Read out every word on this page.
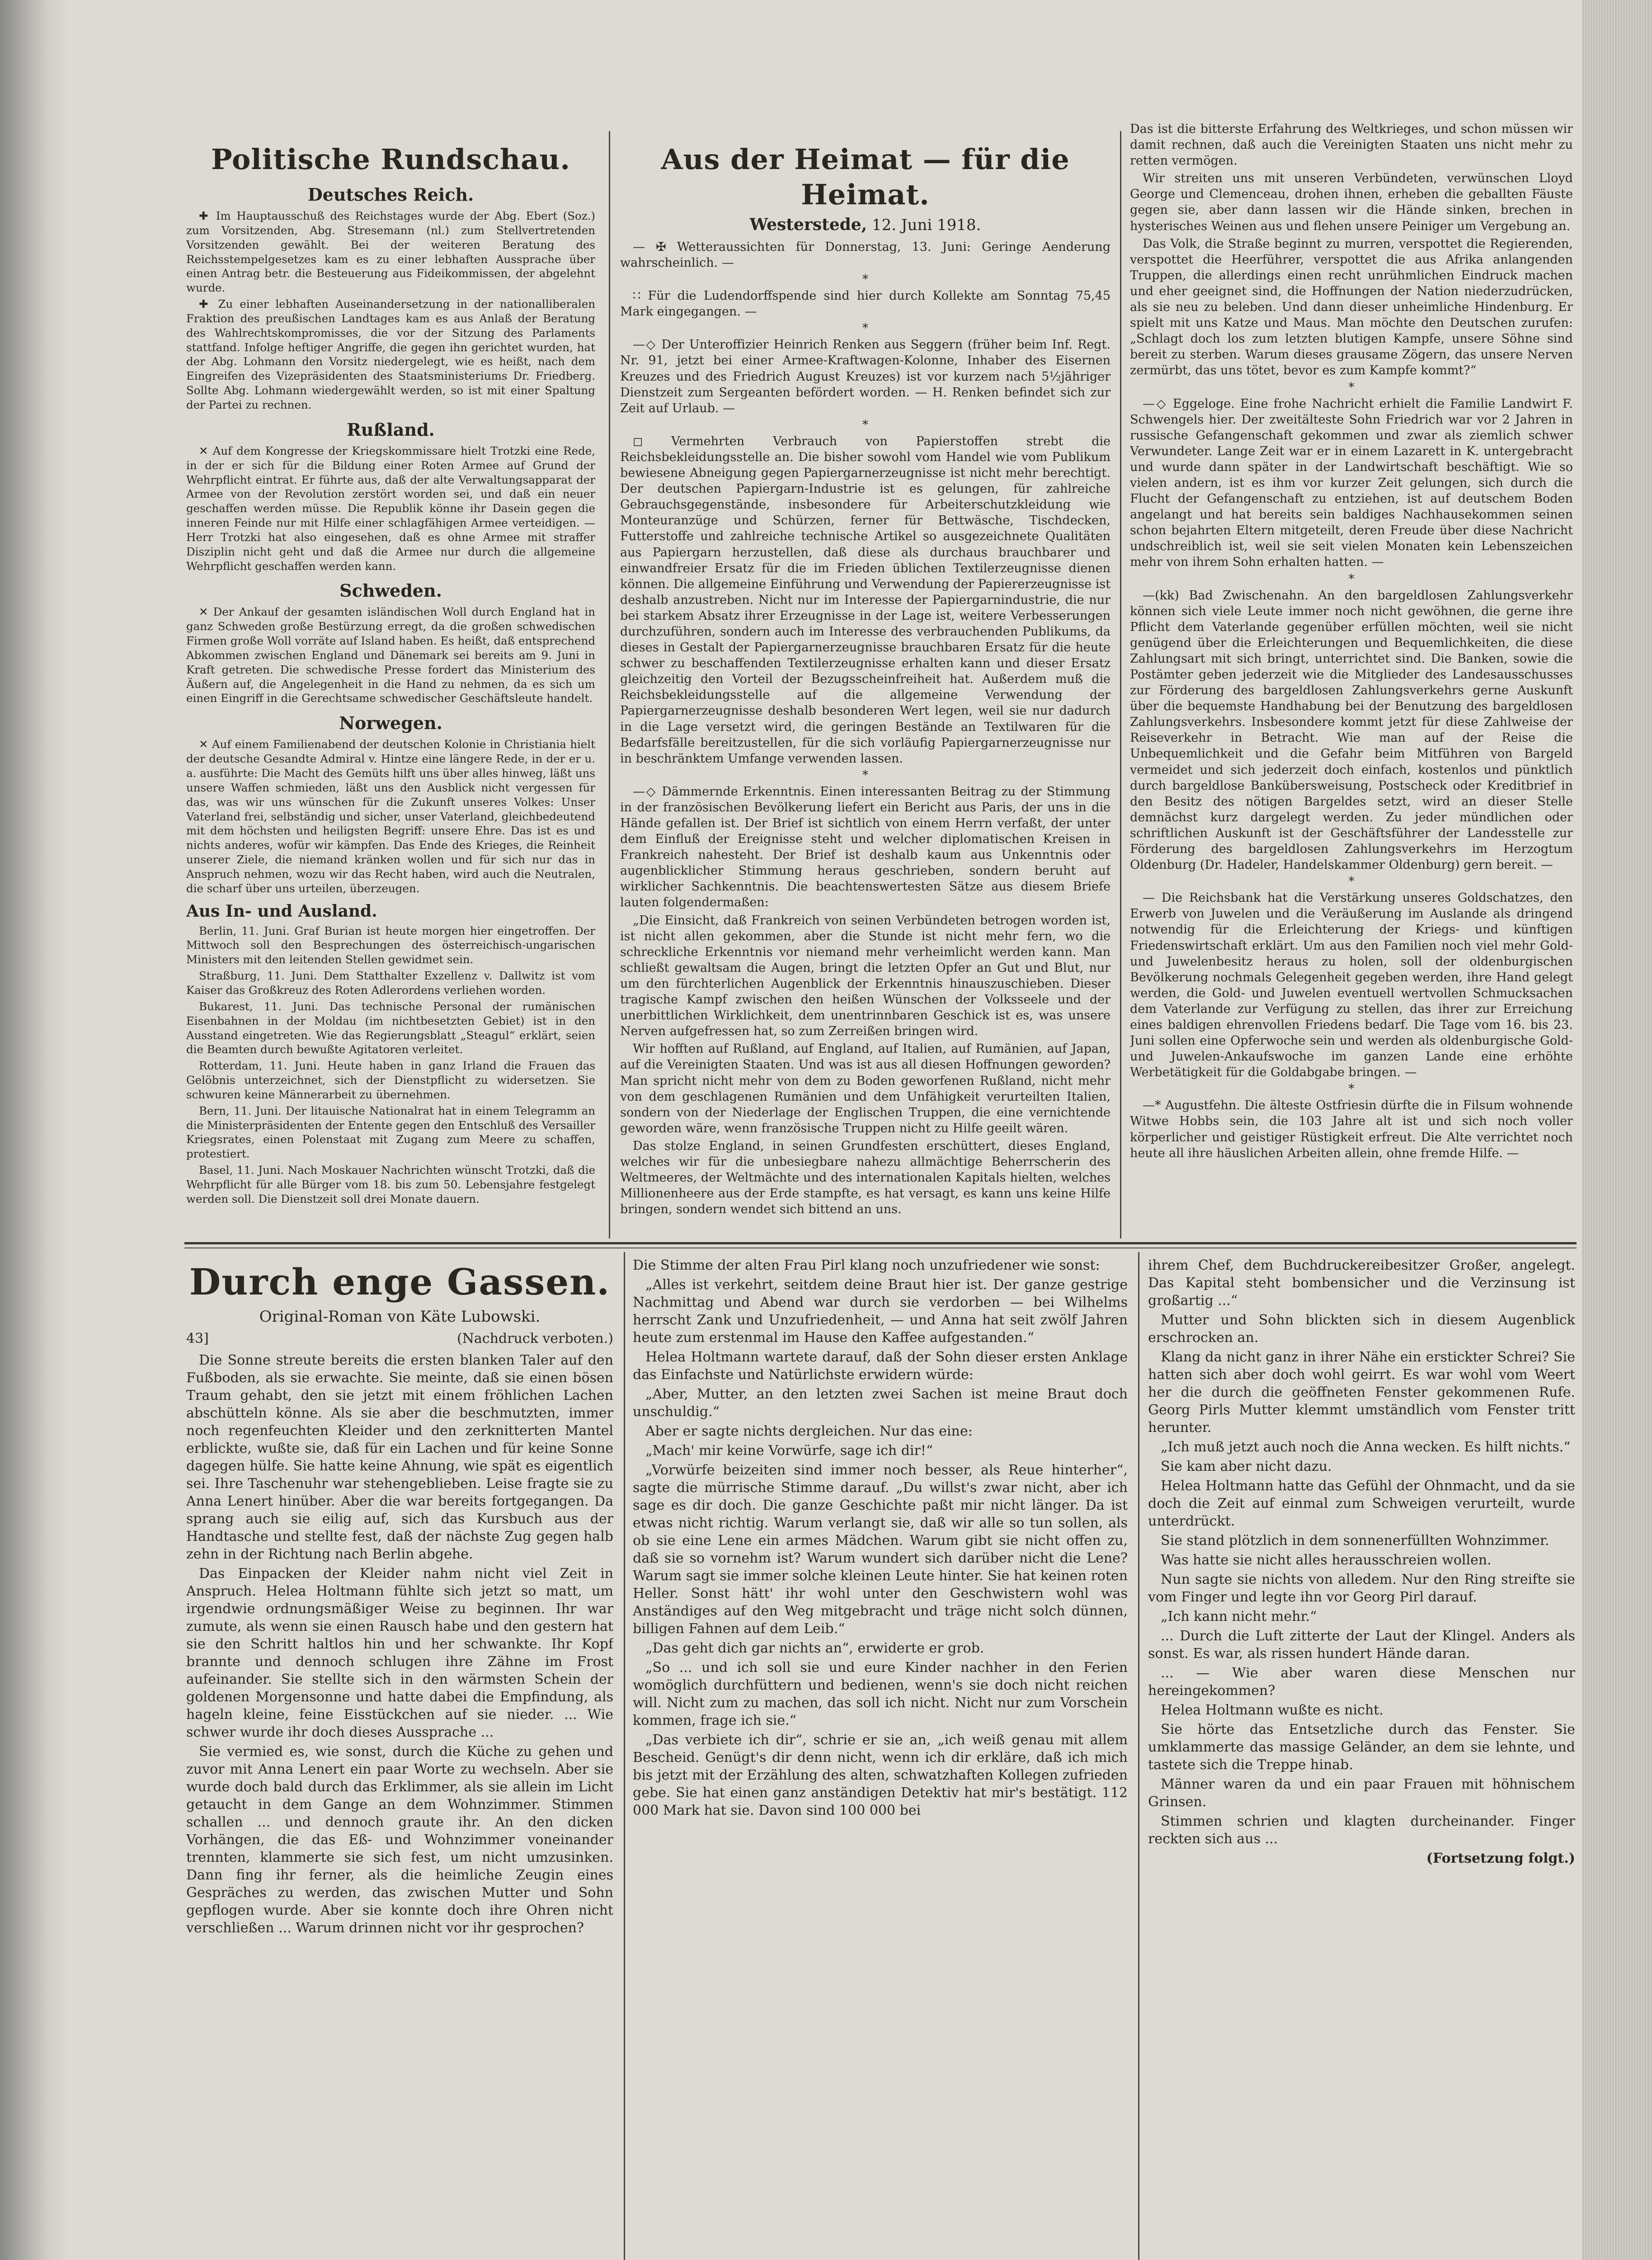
Politische Rundschau.
Deutsches Reich.

✚ Im Hauptausschuß des Reichstages wurde der Abg. Ebert (Soz.) zum Vorsitzenden, Abg. Stresemann (nl.) zum Stellvertretenden Vorsitzenden gewählt. Bei der weiteren Beratung des Reichsstempelgesetzes kam es zu einer lebhaften Aussprache über einen Antrag betr. die Besteuerung aus Fideikommissen, der abgelehnt wurde.

✚ Zu einer lebhaften Auseinandersetzung in der nationalliberalen Fraktion des preußischen Landtages kam es aus Anlaß der Beratung des Wahlrechtskompromisses, die vor der Sitzung des Parlaments stattfand. Infolge heftiger Angriffe, die gegen ihn gerichtet wurden, hat der Abg. Lohmann den Vorsitz niedergelegt, wie es heißt, nach dem Eingreifen des Vizepräsidenten des Staatsministeriums Dr. Friedberg. Sollte Abg. Lohmann wiedergewählt werden, so ist mit einer Spaltung der Partei zu rechnen.

Rußland.

✕ Auf dem Kongresse der Kriegskommissare hielt Trotzki eine Rede, in der er sich für die Bildung einer Roten Armee auf Grund der Wehrpflicht eintrat. Er führte aus, daß der alte Verwaltungsapparat der Armee von der Revolution zerstört worden sei, und daß ein neuer geschaffen werden müsse. Die Republik könne ihr Dasein gegen die inneren Feinde nur mit Hilfe einer schlagfähigen Armee verteidigen. — Herr Trotzki hat also eingesehen, daß es ohne Armee mit straffer Disziplin nicht geht und daß die Armee nur durch die allgemeine Wehrpflicht geschaffen werden kann.

Schweden.

✕ Der Ankauf der gesamten isländischen Woll durch England hat in ganz Schweden große Bestürzung erregt, da die großen schwedischen Firmen große Woll vorräte auf Island haben. Es heißt, daß entsprechend Abkommen zwischen England und Dänemark sei bereits am 9. Juni in Kraft getreten. Die schwedische Presse fordert das Ministerium des Äußern auf, die Angelegenheit in die Hand zu nehmen, da es sich um einen Eingriff in die Gerechtsame schwedischer Geschäftsleute handelt.

Norwegen.

✕ Auf einem Familienabend der deutschen Kolonie in Christiania hielt der deutsche Gesandte Admiral v. Hintze eine längere Rede, in der er u. a. ausführte: Die Macht des Gemüts hilft uns über alles hinweg, läßt uns unsere Waffen schmieden, läßt uns den Ausblick nicht vergessen für das, was wir uns wünschen für die Zukunft unseres Volkes: Unser Vaterland frei, selbständig und sicher, unser Vaterland, gleichbedeutend mit dem höchsten und heiligsten Begriff: unsere Ehre. Das ist es und nichts anderes, wofür wir kämpfen. Das Ende des Krieges, die Reinheit unserer Ziele, die niemand kränken wollen und für sich nur das in Anspruch nehmen, wozu wir das Recht haben, wird auch die Neutralen, die scharf über uns urteilen, überzeugen.

Aus In- und Ausland.

Berlin, 11. Juni. Graf Burian ist heute morgen hier eingetroffen. Der Mittwoch soll den Besprechungen des österreichisch-ungarischen Ministers mit den leitenden Stellen gewidmet sein.

Straßburg, 11. Juni. Dem Statthalter Exzellenz v. Dallwitz ist vom Kaiser das Großkreuz des Roten Adlerordens verliehen worden.

Bukarest, 11. Juni. Das technische Personal der rumänischen Eisenbahnen in der Moldau (im nichtbesetzten Gebiet) ist in den Ausstand eingetreten. Wie das Regierungsblatt „Steagul“ erklärt, seien die Beamten durch bewußte Agitatoren verleitet.

Rotterdam, 11. Juni. Heute haben in ganz Irland die Frauen das Gelöbnis unterzeichnet, sich der Dienstpflicht zu widersetzen. Sie schwuren keine Männerarbeit zu übernehmen.

Bern, 11. Juni. Der litauische Nationalrat hat in einem Telegramm an die Ministerpräsidenten der Entente gegen den Entschluß des Versailler Kriegsrates, einen Polenstaat mit Zugang zum Meere zu schaffen, protestiert.

Basel, 11. Juni. Nach Moskauer Nachrichten wünscht Trotzki, daß die Wehrpflicht für alle Bürger vom 18. bis zum 50. Lebensjahre festgelegt werden soll. Die Dienstzeit soll drei Monate dauern.

Aus der Heimat — für die Heimat.
Westerstede, 12. Juni 1918.

— ✠ Wetteraussichten für Donnerstag, 13. Juni: Geringe Aenderung wahrscheinlich. —

*

∷ Für die Ludendorffspende sind hier durch Kollekte am Sonntag 75,45 Mark eingegangen. —

*

—◇ Der Unteroffizier Heinrich Renken aus Seggern (früher beim Inf. Regt. Nr. 91, jetzt bei einer Armee-Kraftwagen-Kolonne, Inhaber des Eisernen Kreuzes und des Friedrich August Kreuzes) ist vor kurzem nach 5½jähriger Dienstzeit zum Sergeanten befördert worden. — H. Renken befindet sich zur Zeit auf Urlaub. —

*

◻ Vermehrten Verbrauch von Papierstoffen strebt die Reichsbekleidungsstelle an. Die bisher sowohl vom Handel wie vom Publikum bewiesene Abneigung gegen Papiergarnerzeugnisse ist nicht mehr berechtigt. Der deutschen Papiergarn-Industrie ist es gelungen, für zahlreiche Gebrauchsgegenstände, insbesondere für Arbeiterschutzkleidung wie Monteuranzüge und Schürzen, ferner für Bettwäsche, Tischdecken, Futterstoffe und zahlreiche technische Artikel so ausgezeichnete Qualitäten aus Papiergarn herzustellen, daß diese als durchaus brauchbarer und einwandfreier Ersatz für die im Frieden üblichen Textilerzeugnisse dienen können. Die allgemeine Einführung und Verwendung der Papiererzeugnisse ist deshalb anzustreben. Nicht nur im Interesse der Papiergarnindustrie, die nur bei starkem Absatz ihrer Erzeugnisse in der Lage ist, weitere Verbesserungen durchzuführen, sondern auch im Interesse des verbrauchenden Publikums, da dieses in Gestalt der Papiergarnerzeugnisse brauchbaren Ersatz für die heute schwer zu beschaffenden Textilerzeugnisse erhalten kann und dieser Ersatz gleichzeitig den Vorteil der Bezugsscheinfreiheit hat. Außerdem muß die Reichsbekleidungsstelle auf die allgemeine Verwendung der Papiergarnerzeugnisse deshalb besonderen Wert legen, weil sie nur dadurch in die Lage versetzt wird, die geringen Bestände an Textilwaren für die Bedarfsfälle bereitzustellen, für die sich vorläufig Papiergarnerzeugnisse nur in beschränktem Umfange verwenden lassen.

*

—◇ Dämmernde Erkenntnis. Einen interessanten Beitrag zu der Stimmung in der französischen Bevölkerung liefert ein Bericht aus Paris, der uns in die Hände gefallen ist. Der Brief ist sichtlich von einem Herrn verfaßt, der unter dem Einfluß der Ereignisse steht und welcher diplomatischen Kreisen in Frankreich nahesteht. Der Brief ist deshalb kaum aus Unkenntnis oder augenblicklicher Stimmung heraus geschrieben, sondern beruht auf wirklicher Sachkenntnis. Die beachtenswertesten Sätze aus diesem Briefe lauten folgendermaßen:

„Die Einsicht, daß Frankreich von seinen Verbündeten betrogen worden ist, ist nicht allen gekommen, aber die Stunde ist nicht mehr fern, wo die schreckliche Erkenntnis vor niemand mehr verheimlicht werden kann. Man schließt gewaltsam die Augen, bringt die letzten Opfer an Gut und Blut, nur um den fürchterlichen Augenblick der Erkenntnis hinauszuschieben. Dieser tragische Kampf zwischen den heißen Wünschen der Volksseele und der unerbittlichen Wirklichkeit, dem unentrinnbaren Geschick ist es, was unsere Nerven aufgefressen hat, so zum Zerreißen bringen wird.

Wir hofften auf Rußland, auf England, auf Italien, auf Rumänien, auf Japan, auf die Vereinigten Staaten. Und was ist aus all diesen Hoffnungen geworden? Man spricht nicht mehr von dem zu Boden geworfenen Rußland, nicht mehr von dem geschlagenen Rumänien und dem Unfähigkeit verurteilten Italien, sondern von der Niederlage der Englischen Truppen, die eine vernichtende geworden wäre, wenn französische Truppen nicht zu Hilfe geeilt wären.

Das stolze England, in seinen Grundfesten erschüttert, dieses England, welches wir für die unbesiegbare nahezu allmächtige Beherrscherin des Weltmeeres, der Weltmächte und des internationalen Kapitals hielten, welches Millionenheere aus der Erde stampfte, es hat versagt, es kann uns keine Hilfe bringen, sondern wendet sich bittend an uns.

Das ist die bitterste Erfahrung des Weltkrieges, und schon müssen wir damit rechnen, daß auch die Vereinigten Staaten uns nicht mehr zu retten vermögen.

Wir streiten uns mit unseren Verbündeten, verwünschen Lloyd George und Clemenceau, drohen ihnen, erheben die geballten Fäuste gegen sie, aber dann lassen wir die Hände sinken, brechen in hysterisches Weinen aus und flehen unsere Peiniger um Vergebung an.

Das Volk, die Straße beginnt zu murren, verspottet die Regierenden, verspottet die Heerführer, verspottet die aus Afrika anlangenden Truppen, die allerdings einen recht unrühmlichen Eindruck machen und eher geeignet sind, die Hoffnungen der Nation niederzudrücken, als sie neu zu beleben. Und dann dieser unheimliche Hindenburg. Er spielt mit uns Katze und Maus. Man möchte den Deutschen zurufen: „Schlagt doch los zum letzten blutigen Kampfe, unsere Söhne sind bereit zu sterben. Warum dieses grausame Zögern, das unsere Nerven zermürbt, das uns tötet, bevor es zum Kampfe kommt?“

*

—◇ Eggeloge. Eine frohe Nachricht erhielt die Familie Landwirt F. Schwengels hier. Der zweitälteste Sohn Friedrich war vor 2 Jahren in russische Gefangenschaft gekommen und zwar als ziemlich schwer Verwundeter. Lange Zeit war er in einem Lazarett in K. untergebracht und wurde dann später in der Landwirtschaft beschäftigt. Wie so vielen andern, ist es ihm vor kurzer Zeit gelungen, sich durch die Flucht der Gefangenschaft zu entziehen, ist auf deutschem Boden angelangt und hat bereits sein baldiges Nachhausekommen seinen schon bejahrten Eltern mitgeteilt, deren Freude über diese Nachricht undschreiblich ist, weil sie seit vielen Monaten kein Lebenszeichen mehr von ihrem Sohn erhalten hatten. —

*

—(kk) Bad Zwischenahn. An den bargeldlosen Zahlungsverkehr können sich viele Leute immer noch nicht gewöhnen, die gerne ihre Pflicht dem Vaterlande gegenüber erfüllen möchten, weil sie nicht genügend über die Erleichterungen und Bequemlichkeiten, die diese Zahlungsart mit sich bringt, unterrichtet sind. Die Banken, sowie die Postämter geben jederzeit wie die Mitglieder des Landesausschusses zur Förderung des bargeldlosen Zahlungsverkehrs gerne Auskunft über die bequemste Handhabung bei der Benutzung des bargeldlosen Zahlungsverkehrs. Insbesondere kommt jetzt für diese Zahlweise der Reiseverkehr in Betracht. Wie man auf der Reise die Unbequemlichkeit und die Gefahr beim Mitführen von Bargeld vermeidet und sich jederzeit doch einfach, kostenlos und pünktlich durch bargeldlose Bankübersweisung, Postscheck oder Kreditbrief in den Besitz des nötigen Bargeldes setzt, wird an dieser Stelle demnächst kurz dargelegt werden. Zu jeder mündlichen oder schriftlichen Auskunft ist der Geschäftsführer der Landesstelle zur Förderung des bargeldlosen Zahlungsverkehrs im Herzogtum Oldenburg (Dr. Hadeler, Handelskammer Oldenburg) gern bereit. —

*

— Die Reichsbank hat die Verstärkung unseres Goldschatzes, den Erwerb von Juwelen und die Veräußerung im Auslande als dringend notwendig für die Erleichterung der Kriegs- und künftigen Friedenswirtschaft erklärt. Um aus den Familien noch viel mehr Gold- und Juwelenbesitz heraus zu holen, soll der oldenburgischen Bevölkerung nochmals Gelegenheit gegeben werden, ihre Hand gelegt werden, die Gold- und Juwelen eventuell wertvollen Schmucksachen dem Vaterlande zur Verfügung zu stellen, das ihrer zur Erreichung eines baldigen ehrenvollen Friedens bedarf. Die Tage vom 16. bis 23. Juni sollen eine Opferwoche sein und werden als oldenburgische Gold- und Juwelen-Ankaufswoche im ganzen Lande eine erhöhte Werbetätigkeit für die Goldabgabe bringen. —

*

—* Augustfehn. Die älteste Ostfriesin dürfte die in Filsum wohnende Witwe Hobbs sein, die 103 Jahre alt ist und sich noch voller körperlicher und geistiger Rüstigkeit erfreut. Die Alte verrichtet noch heute all ihre häuslichen Arbeiten allein, ohne fremde Hilfe. —

Durch enge Gassen.
Original-Roman von Käte Lubowski.
43]	(Nachdruck verboten.)

Die Sonne streute bereits die ersten blanken Taler auf den Fußboden, als sie erwachte. Sie meinte, daß sie einen bösen Traum gehabt, den sie jetzt mit einem fröhlichen Lachen abschütteln könne. Als sie aber die beschmutzten, immer noch regenfeuchten Kleider und den zerknitterten Mantel erblickte, wußte sie, daß für ein Lachen und für keine Sonne dagegen hülfe. Sie hatte keine Ahnung, wie spät es eigentlich sei. Ihre Taschenuhr war stehengeblieben. Leise fragte sie zu Anna Lenert hinüber. Aber die war bereits fortgegangen. Da sprang auch sie eilig auf, sich das Kursbuch aus der Handtasche und stellte fest, daß der nächste Zug gegen halb zehn in der Richtung nach Berlin abgehe.

Das Einpacken der Kleider nahm nicht viel Zeit in Anspruch. Helea Holtmann fühlte sich jetzt so matt, um irgendwie ordnungsmäßiger Weise zu beginnen. Ihr war zumute, als wenn sie einen Rausch habe und den gestern hat sie den Schritt haltlos hin und her schwankte. Ihr Kopf brannte und dennoch schlugen ihre Zähne im Frost aufeinander. Sie stellte sich in den wärmsten Schein der goldenen Morgensonne und hatte dabei die Empfindung, als hageln kleine, feine Eisstückchen auf sie nieder. ... Wie schwer wurde ihr doch dieses Aussprache ...

Sie vermied es, wie sonst, durch die Küche zu gehen und zuvor mit Anna Lenert ein paar Worte zu wechseln. Aber sie wurde doch bald durch das Erklimmer, als sie allein im Licht getaucht in dem Gange an dem Wohnzimmer. Stimmen schallen ... und dennoch graute ihr. An den dicken Vorhängen, die das Eß- und Wohnzimmer voneinander trennten, klammerte sie sich fest, um nicht umzusinken. Dann fing ihr ferner, als die heimliche Zeugin eines Gespräches zu werden, das zwischen Mutter und Sohn gepflogen wurde. Aber sie konnte doch ihre Ohren nicht verschließen ... Warum drinnen nicht vor ihr gesprochen?

Die Stimme der alten Frau Pirl klang noch unzufriedener wie sonst:

„Alles ist verkehrt, seitdem deine Braut hier ist. Der ganze gestrige Nachmittag und Abend war durch sie verdorben — bei Wilhelms herrscht Zank und Unzufriedenheit, — und Anna hat seit zwölf Jahren heute zum erstenmal im Hause den Kaffee aufgestanden.“

Helea Holtmann wartete darauf, daß der Sohn dieser ersten Anklage das Einfachste und Natürlichste erwidern würde:

„Aber, Mutter, an den letzten zwei Sachen ist meine Braut doch unschuldig.“

Aber er sagte nichts dergleichen. Nur das eine:

„Mach' mir keine Vorwürfe, sage ich dir!“

„Vorwürfe beizeiten sind immer noch besser, als Reue hinterher“, sagte die mürrische Stimme darauf. „Du willst's zwar nicht, aber ich sage es dir doch. Die ganze Geschichte paßt mir nicht länger. Da ist etwas nicht richtig. Warum verlangt sie, daß wir alle so tun sollen, als ob sie eine Lene ein armes Mädchen. Warum gibt sie nicht offen zu, daß sie so vornehm ist? Warum wundert sich darüber nicht die Lene? Warum sagt sie immer solche kleinen Leute hinter. Sie hat keinen roten Heller. Sonst hätt' ihr wohl unter den Geschwistern wohl was Anständiges auf den Weg mitgebracht und träge nicht solch dünnen, billigen Fahnen auf dem Leib.“

„Das geht dich gar nichts an“, erwiderte er grob.

„So ... und ich soll sie und eure Kinder nachher in den Ferien womöglich durchfüttern und bedienen, wenn's sie doch nicht reichen will. Nicht zum zu machen, das soll ich nicht. Nicht nur zum Vorschein kommen, frage ich sie.“

„Das verbiete ich dir“, schrie er sie an, „ich weiß genau mit allem Bescheid. Genügt's dir denn nicht, wenn ich dir erkläre, daß ich mich bis jetzt mit der Erzählung des alten, schwatzhaften Kollegen zufrieden gebe. Sie hat einen ganz anständigen Detektiv hat mir's bestätigt. 112 000 Mark hat sie. Davon sind 100 000 bei

ihrem Chef, dem Buchdruckereibesitzer Großer, angelegt. Das Kapital steht bombensicher und die Verzinsung ist großartig ...“

Mutter und Sohn blickten sich in diesem Augenblick erschrocken an.

Klang da nicht ganz in ihrer Nähe ein erstickter Schrei? Sie hatten sich aber doch wohl geirrt. Es war wohl vom Weert her die durch die geöffneten Fenster gekommenen Rufe. Georg Pirls Mutter klemmt umständlich vom Fenster tritt herunter.

„Ich muß jetzt auch noch die Anna wecken. Es hilft nichts.“

Sie kam aber nicht dazu.

Helea Holtmann hatte das Gefühl der Ohnmacht, und da sie doch die Zeit auf einmal zum Schweigen verurteilt, wurde unterdrückt.

Sie stand plötzlich in dem sonnenerfüllten Wohnzimmer.

Was hatte sie nicht alles herausschreien wollen.

Nun sagte sie nichts von alledem. Nur den Ring streifte sie vom Finger und legte ihn vor Georg Pirl darauf.

„Ich kann nicht mehr.“

... Durch die Luft zitterte der Laut der Klingel. Anders als sonst. Es war, als rissen hundert Hände daran.

... — Wie aber waren diese Menschen nur hereingekommen?

Helea Holtmann wußte es nicht.

Sie hörte das Entsetzliche durch das Fenster. Sie umklammerte das massige Geländer, an dem sie lehnte, und tastete sich die Treppe hinab.

Männer waren da und ein paar Frauen mit höhnischem Grinsen.

Stimmen schrien und klagten durcheinander. Finger reckten sich aus ...

(Fortsetzung folgt.)
